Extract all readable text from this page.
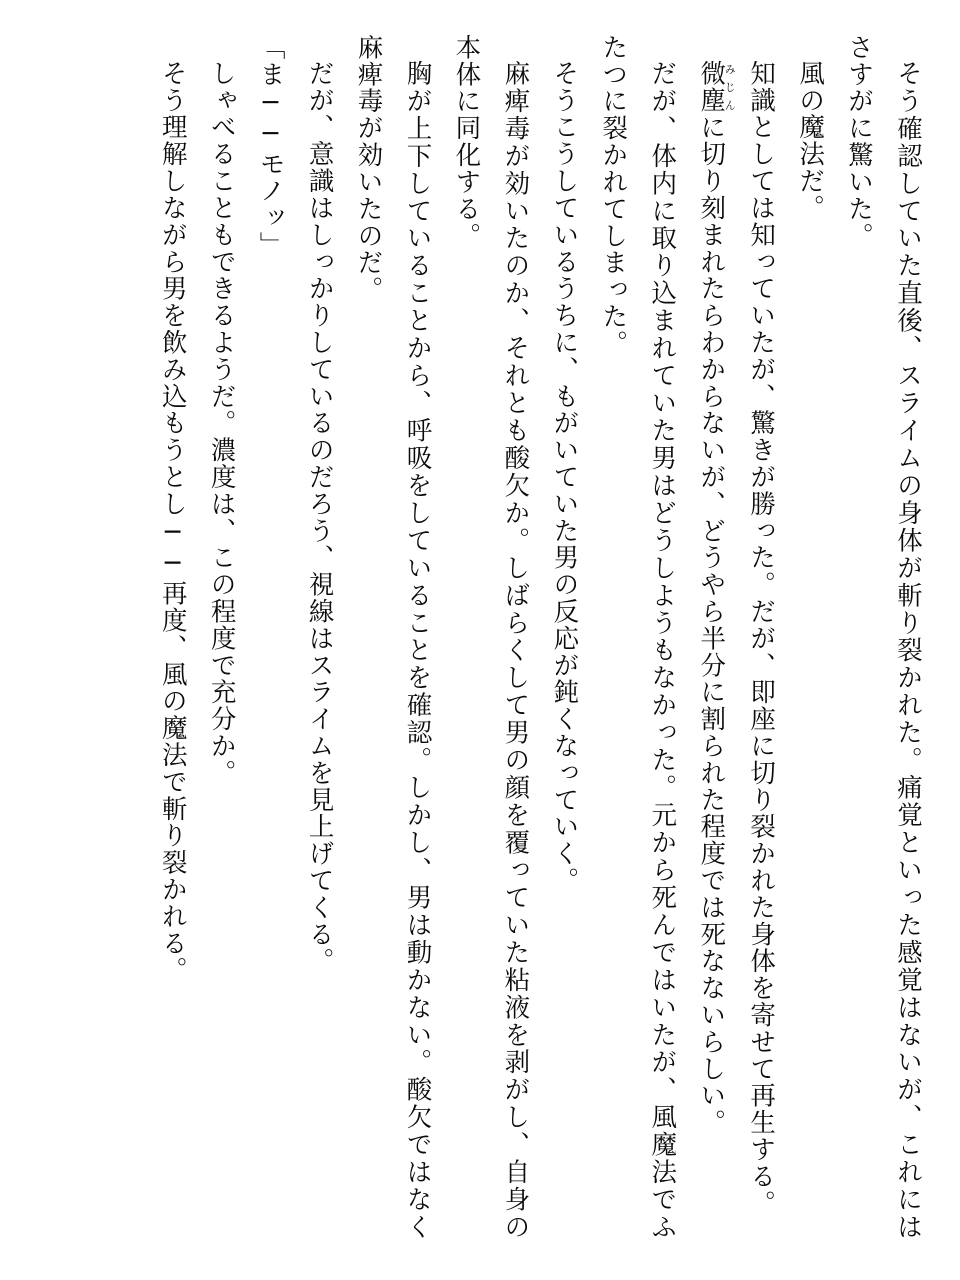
そう確認していた直後、スライムの身体が斬り裂かれた。痛覚といった感覚はないが、これにはさすがに驚いた。

風の魔法だ。

知識としては知っていたが、驚きが勝った。だが、即座に切り裂かれた身体を寄せて再生する。

微塵みじんに切り刻まれたらわからないが、どうやら半分に割られた程度では死なないらしい。

だが、体内に取り込まれていた男はどうしようもなかった。元から死んではいたが、風魔法でふたつに裂かれてしまった。

そうこうしているうちに、もがいていた男の反応が鈍くなっていく。

麻痺毒が効いたのか、それとも酸欠か。しばらくして男の顔を覆っていた粘液を剥がし、自身の本体に同化する。

胸が上下していることから、呼吸をしていることを確認。しかし、男は動かない。酸欠ではなく麻痺毒が効いたのだ。

だが、意識はしっかりしているのだろう、視線はスライムを見上げてくる。

「ま──モノッ」

しゃべることもできるようだ。濃度は、この程度で充分か。

そう理解しながら男を飲み込もうとし──再度、風の魔法で斬り裂かれる。
